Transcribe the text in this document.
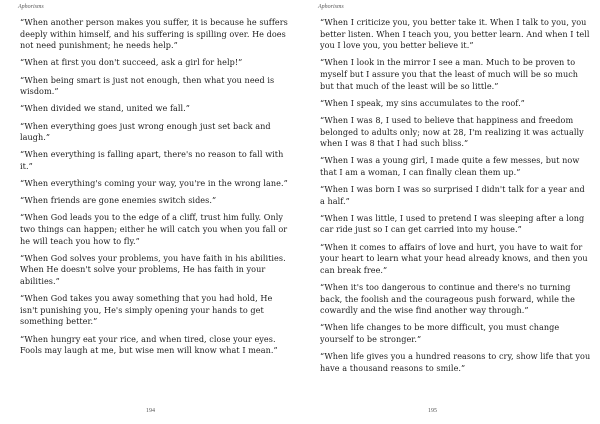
Aphorisms

“When another person makes you suffer, it is because he suffers deeply within himself, and his suffering is spilling over. He does not need punishment; he needs help.”

“When at first you don't succeed, ask a girl for help!”

“When being smart is just not enough, then what you need is wisdom.”

“When divided we stand, united we fall.”

“When everything goes just wrong enough just set back and laugh.”

“When everything is falling apart, there's no reason to fall with it.”

“When everything's coming your way, you're in the wrong lane.”

“When friends are gone enemies switch sides.”

“When God leads you to the edge of a cliff, trust him fully. Only two things can happen; either he will catch you when you fall or he will teach you how to fly.”

“When God solves your problems, you have faith in his abilities. When He doesn't solve your problems, He has faith in your abilities.”

“When God takes you away something that you had hold, He isn't punishing you, He's simply opening your hands to get something better.”

“When hungry eat your rice, and when tired, close your eyes. Fools may laugh at me, but wise men will know what I mean.”

194
Aphorisms

“When I criticize you, you better take it. When I talk to you, you better listen. When I teach you, you better learn. And when I tell you I love you, you better believe it.”

“When I look in the mirror I see a man. Much to be proven to myself but I assure you that the least of much will be so much but that much of the least will be so little.”

“When I speak, my sins accumulates to the roof.”

“When I was 8, I used to believe that happiness and freedom belonged to adults only; now at 28, I'm realizing it was actually when I was 8 that I had such bliss.”

“When I was a young girl, I made quite a few messes, but now that I am a woman, I can finally clean them up.”

“When I was born I was so surprised I didn't talk for a year and a half.”

“When I was little, I used to pretend I was sleeping after a long car ride just so I can get carried into my house.”

“When it comes to affairs of love and hurt, you have to wait for your heart to learn what your head already knows, and then you can break free.”

“When it's too dangerous to continue and there's no turning back, the foolish and the courageous push forward, while the cowardly and the wise find another way through.”

“When life changes to be more difficult, you must change yourself to be stronger.”

“When life gives you a hundred reasons to cry, show life that you have a thousand reasons to smile.”

195
